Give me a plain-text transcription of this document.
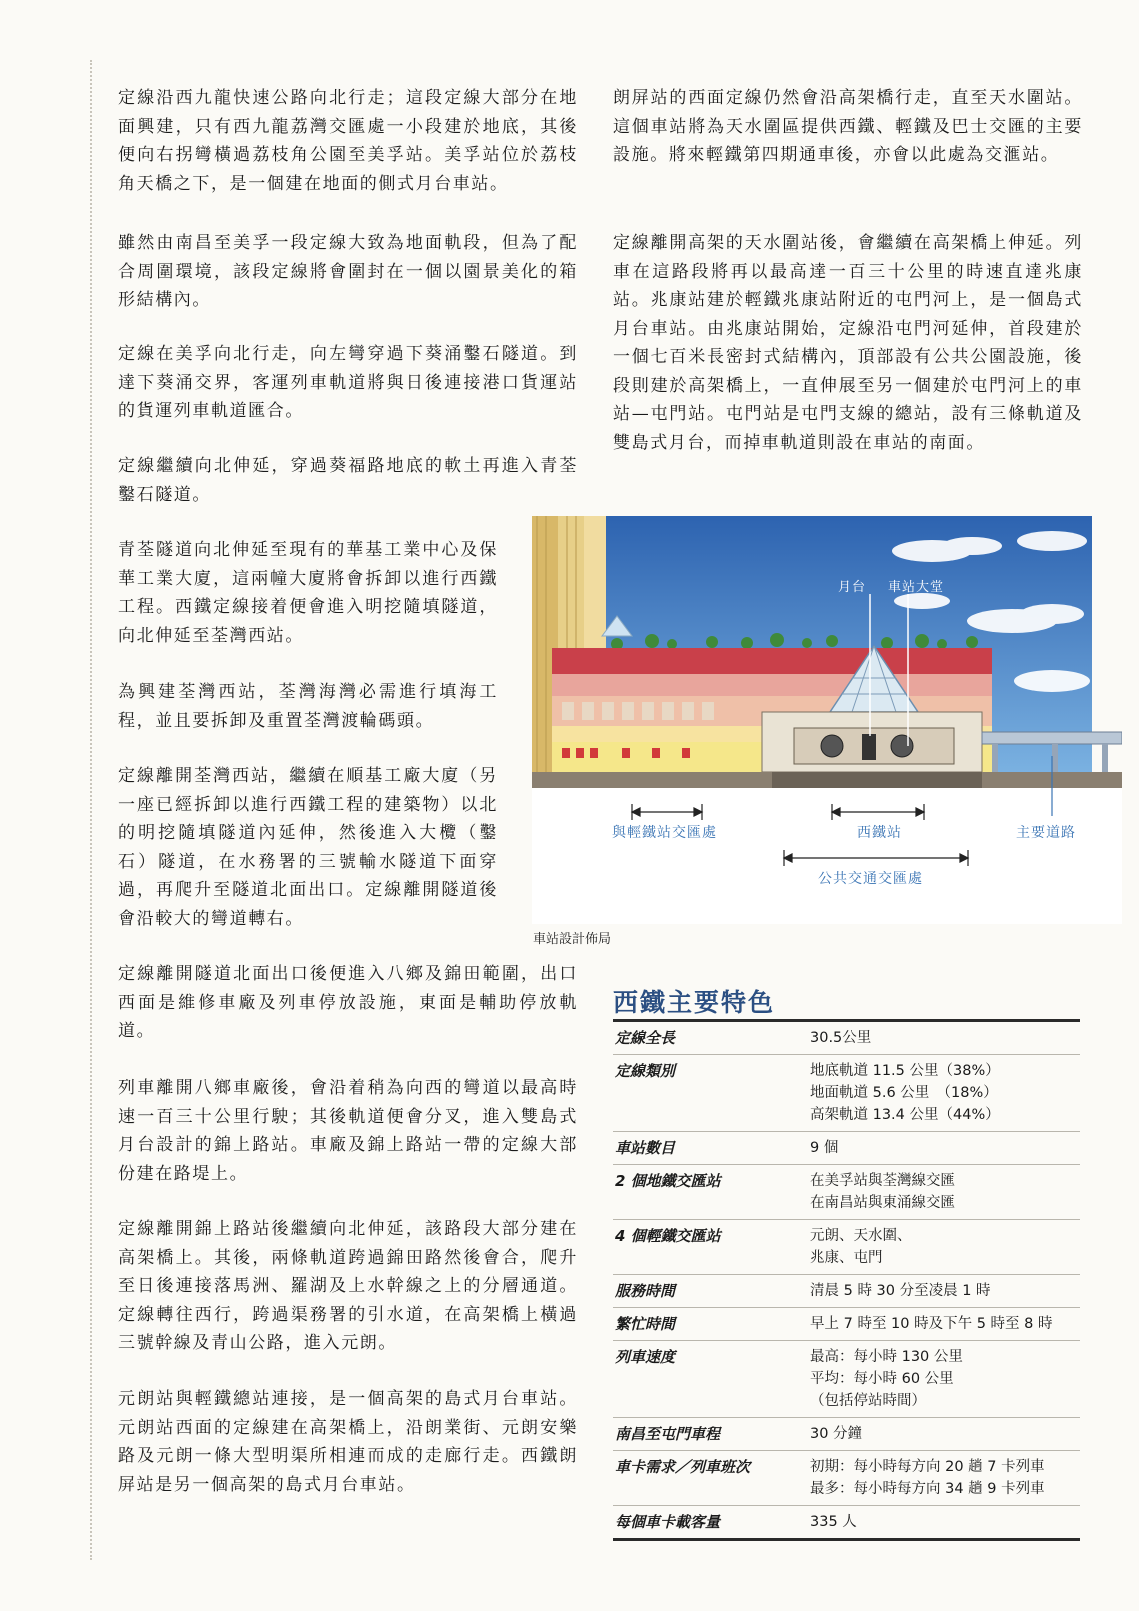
定線沿西九龍快速公路向北行走；這段定線大部分在地面興建，只有西九龍荔灣交匯處一小段建於地底，其後便向右拐彎橫過荔枝角公園至美孚站。美孚站位於荔枝角天橋之下，是一個建在地面的側式月台車站。

雖然由南昌至美孚一段定線大致為地面軌段，但為了配合周圍環境，該段定線將會圍封在一個以園景美化的箱形結構內。

定線在美孚向北行走，向左彎穿過下葵涌鑿石隧道。到達下葵涌交界，客運列車軌道將與日後連接港口貨運站的貨運列車軌道匯合。

定線繼續向北伸延，穿過葵福路地底的軟土再進入青荃鑿石隧道。

青荃隧道向北伸延至現有的華基工業中心及保華工業大廈，這兩幢大廈將會拆卸以進行西鐵工程。西鐵定線接着便會進入明挖隨填隧道，向北伸延至荃灣西站。

為興建荃灣西站，荃灣海灣必需進行填海工程，並且要拆卸及重置荃灣渡輪碼頭。

定線離開荃灣西站，繼續在順基工廠大廈（另一座已經拆卸以進行西鐵工程的建築物）以北的明挖隨填隧道內延伸，然後進入大欖（鑿石）隧道，在水務署的三號輸水隧道下面穿過，再爬升至隧道北面出口。定線離開隧道後會沿較大的彎道轉右。

定線離開隧道北面出口後便進入八鄉及錦田範圍，出口西面是維修車廠及列車停放設施，東面是輔助停放軌道。

列車離開八鄉車廠後，會沿着稍為向西的彎道以最高時速一百三十公里行駛；其後軌道便會分叉，進入雙島式月台設計的錦上路站。車廠及錦上路站一帶的定線大部份建在路堤上。

定線離開錦上路站後繼續向北伸延，該路段大部分建在高架橋上。其後，兩條軌道跨過錦田路然後會合，爬升至日後連接落馬洲、羅湖及上水幹線之上的分層通道。定線轉往西行，跨過渠務署的引水道，在高架橋上橫過三號幹線及青山公路，進入元朗。

元朗站與輕鐵總站連接，是一個高架的島式月台車站。元朗站西面的定線建在高架橋上，沿朗業街、元朗安樂路及元朗一條大型明渠所相連而成的走廊行走。西鐵朗屏站是另一個高架的島式月台車站。

朗屏站的西面定線仍然會沿高架橋行走，直至天水圍站。這個車站將為天水圍區提供西鐵、輕鐵及巴士交匯的主要設施。將來輕鐵第四期通車後，亦會以此處為交滙站。

定線離開高架的天水圍站後，會繼續在高架橋上伸延。列車在這路段將再以最高達一百三十公里的時速直達兆康站。兆康站建於輕鐵兆康站附近的屯門河上，是一個島式月台車站。由兆康站開始，定線沿屯門河延伸，首段建於一個七百米長密封式結構內，頂部設有公共公園設施，後段則建於高架橋上，一直伸展至另一個建於屯門河上的車站—屯門站。屯門站是屯門支線的總站，設有三條軌道及雙島式月台，而掉車軌道則設在車站的南面。

月台 車站大堂
與輕鐵站交匯處	西鐵站	主要道路
公共交通交匯處
車站設計佈局
西鐵主要特色
定線全長	30.5公里
定線類別	地底軌道 11.5 公里（38%）
地面軌道 5.6 公里　（18%）
高架軌道 13.4 公里（44%）
車站數目	9 個
2 個地鐵交匯站	在美孚站與荃灣線交匯
在南昌站與東涌線交匯
4 個輕鐵交匯站	元朗、天水圍、
兆康、屯門
服務時間	清晨 5 時 30 分至凌晨 1 時
繁忙時間	早上 7 時至 10 時及下午 5 時至 8 時
列車速度	最高：每小時 130 公里
平均：每小時 60 公里
（包括停站時間）
南昌至屯門車程	30 分鐘
車卡需求／列車班次	初期：每小時每方向 20 趟 7 卡列車
最多：每小時每方向 34 趟 9 卡列車
每個車卡載客量	335 人
